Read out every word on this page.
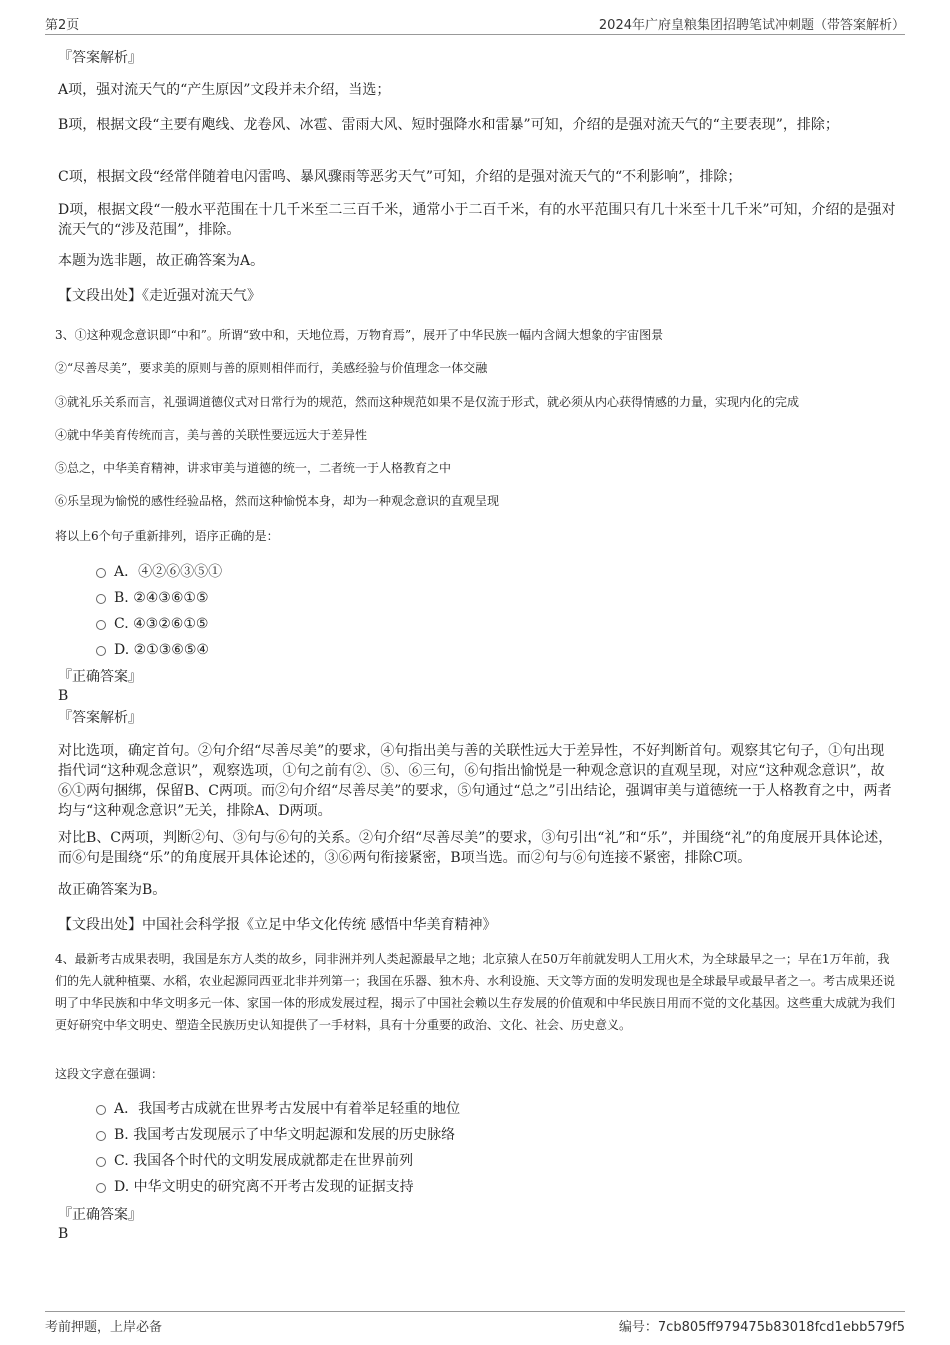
第2页	2024年广府皇粮集团招聘笔试冲刺题（带答案解析）
『答案解析』
A项，强对流天气的“产生原因”文段并未介绍，当选；
B项，根据文段“主要有飑线、龙卷风、冰雹、雷雨大风、短时强降水和雷暴”可知，介绍的是强对流天气的“主要表现”，排除；
C项，根据文段“经常伴随着电闪雷鸣、暴风骤雨等恶劣天气”可知，介绍的是强对流天气的“不利影响”，排除；
D项，根据文段“一般水平范围在十几千米至二三百千米，通常小于二百千米，有的水平范围只有几十米至十几千米”可知，介绍的是强对流天气的“涉及范围”，排除。
本题为选非题，故正确答案为A。
【文段出处】《走近强对流天气》
3、①这种观念意识即“中和”。所谓“致中和，天地位焉，万物育焉”，展开了中华民族一幅内含阔大想象的宇宙图景
②“尽善尽美”，要求美的原则与善的原则相伴而行，美感经验与价值理念一体交融
③就礼乐关系而言，礼强调道德仪式对日常行为的规范，然而这种规范如果不是仅流于形式，就必须从内心获得情感的力量，实现内化的完成
④就中华美育传统而言，美与善的关联性要远远大于差异性
⑤总之，中华美育精神，讲求审美与道德的统一，二者统一于人格教育之中
⑥乐呈现为愉悦的感性经验品格，然而这种愉悦本身，却为一种观念意识的直观呈现
将以上6个句子重新排列，语序正确的是：
A．④②⑥③⑤①
B. ②④③⑥①⑤
C. ④③②⑥①⑤
D. ②①③⑥⑤④
『正确答案』
B
『答案解析』
对比选项，确定首句。②句介绍“尽善尽美”的要求，④句指出美与善的关联性远大于差异性，不好判断首句。观察其它句子，①句出现指代词“这种观念意识”，观察选项，①句之前有②、⑤、⑥三句，⑥句指出愉悦是一种观念意识的直观呈现，对应“这种观念意识”，故⑥①两句捆绑，保留B、C两项。而②句介绍“尽善尽美”的要求，⑤句通过“总之”引出结论，强调审美与道德统一于人格教育之中，两者均与“这种观念意识”无关，排除A、D两项。
对比B、C两项，判断②句、③句与⑥句的关系。②句介绍“尽善尽美”的要求，③句引出“礼”和“乐”，并围绕“礼”的角度展开具体论述，而⑥句是围绕“乐”的角度展开具体论述的，③⑥两句衔接紧密，B项当选。而②句与⑥句连接不紧密，排除C项。
故正确答案为B。
【文段出处】中国社会科学报《立足中华文化传统 感悟中华美育精神》
4、最新考古成果表明，我国是东方人类的故乡，同非洲并列人类起源最早之地；北京猿人在50万年前就发明人工用火术，为全球最早之一；早在1万年前，我们的先人就种植粟、水稻，农业起源同西亚北非并列第一；我国在乐器、独木舟、水利设施、天文等方面的发明发现也是全球最早或最早者之一。考古成果还说明了中华民族和中华文明多元一体、家国一体的形成发展过程，揭示了中国社会赖以生存发展的价值观和中华民族日用而不觉的文化基因。这些重大成就为我们更好研究中华文明史、塑造全民族历史认知提供了一手材料，具有十分重要的政治、文化、社会、历史意义。
这段文字意在强调：
A．我国考古成就在世界考古发展中有着举足轻重的地位
B. 我国考古发现展示了中华文明起源和发展的历史脉络
C. 我国各个时代的文明发展成就都走在世界前列
D. 中华文明史的研究离不开考古发现的证据支持
『正确答案』
B
考前押题，上岸必备	编号：7cb805ff979475b83018fcd1ebb579f5
